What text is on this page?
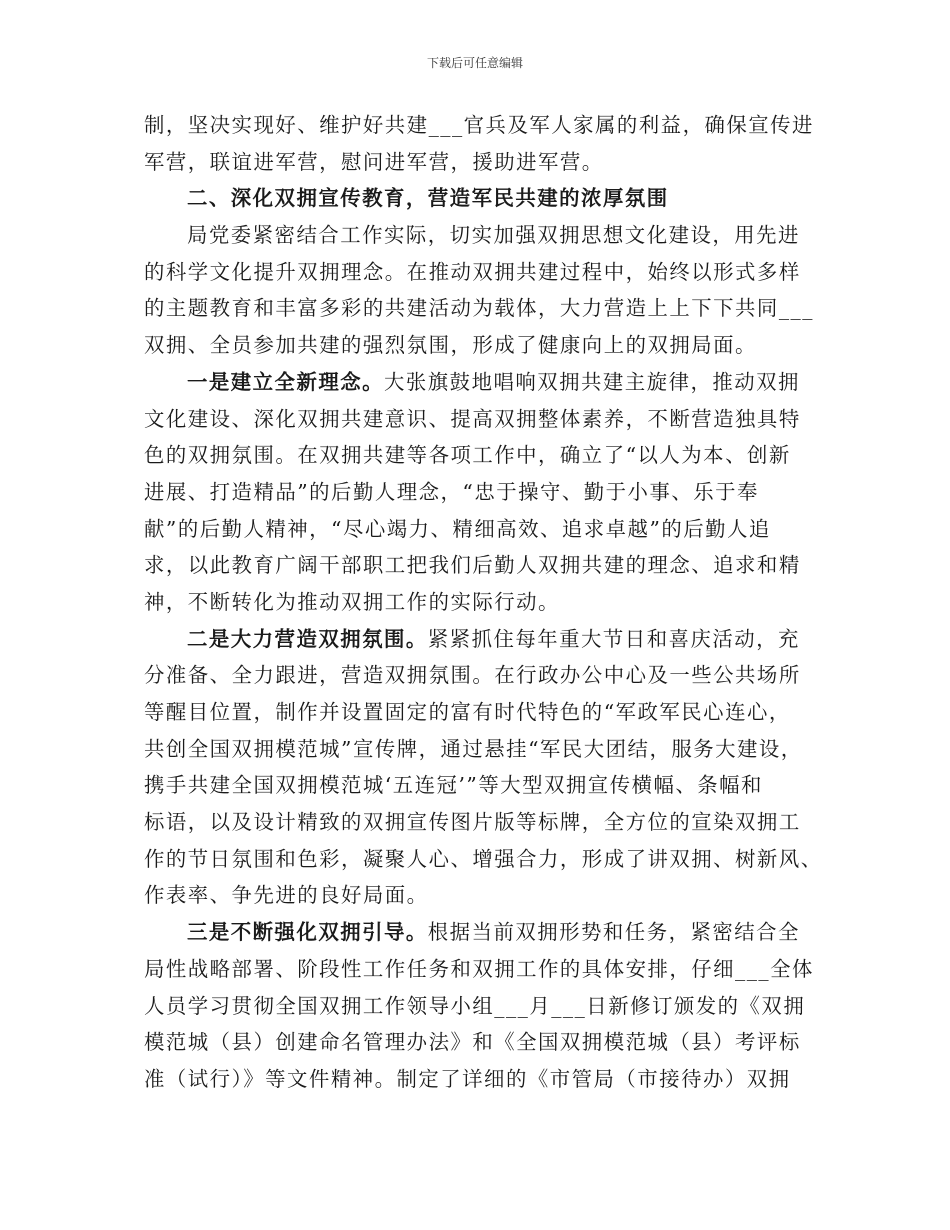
下载后可任意编辑
制，坚决实现好、维护好共建___官兵及军人家属的利益，确保宣传进
军营，联谊进军营，慰问进军营，援助进军营。
二、深化双拥宣传教育，营造军民共建的浓厚氛围
局党委紧密结合工作实际，切实加强双拥思想文化建设，用先进
的科学文化提升双拥理念。在推动双拥共建过程中，始终以形式多样
的主题教育和丰富多彩的共建活动为载体，大力营造上上下下共同___
双拥、全员参加共建的强烈氛围，形成了健康向上的双拥局面。
一是建立全新理念。大张旗鼓地唱响双拥共建主旋律，推动双拥
文化建设、深化双拥共建意识、提高双拥整体素养，不断营造独具特
色的双拥氛围。在双拥共建等各项工作中，确立了“以人为本、创新
进展、打造精品”的后勤人理念，“忠于操守、勤于小事、乐于奉
献”的后勤人精神，“尽心竭力、精细高效、追求卓越”的后勤人追
求，以此教育广阔干部职工把我们后勤人双拥共建的理念、追求和精
神，不断转化为推动双拥工作的实际行动。
二是大力营造双拥氛围。紧紧抓住每年重大节日和喜庆活动，充
分准备、全力跟进，营造双拥氛围。在行政办公中心及一些公共场所
等醒目位置，制作并设置固定的富有时代特色的“军政军民心连心，
共创全国双拥模范城”宣传牌，通过悬挂“军民大团结，服务大建设，
携手共建全国双拥模范城‘五连冠’”等大型双拥宣传横幅、条幅和
标语，以及设计精致的双拥宣传图片版等标牌，全方位的宣染双拥工
作的节日氛围和色彩，凝聚人心、增强合力，形成了讲双拥、树新风、
作表率、争先进的良好局面。
三是不断强化双拥引导。根据当前双拥形势和任务，紧密结合全
局性战略部署、阶段性工作任务和双拥工作的具体安排，仔细___全体
人员学习贯彻全国双拥工作领导小组___月___日新修订颁发的《双拥
模范城（县）创建命名管理办法》和《全国双拥模范城（县）考评标
准（试行）》等文件精神。制定了详细的《市管局（市接待办）双拥
